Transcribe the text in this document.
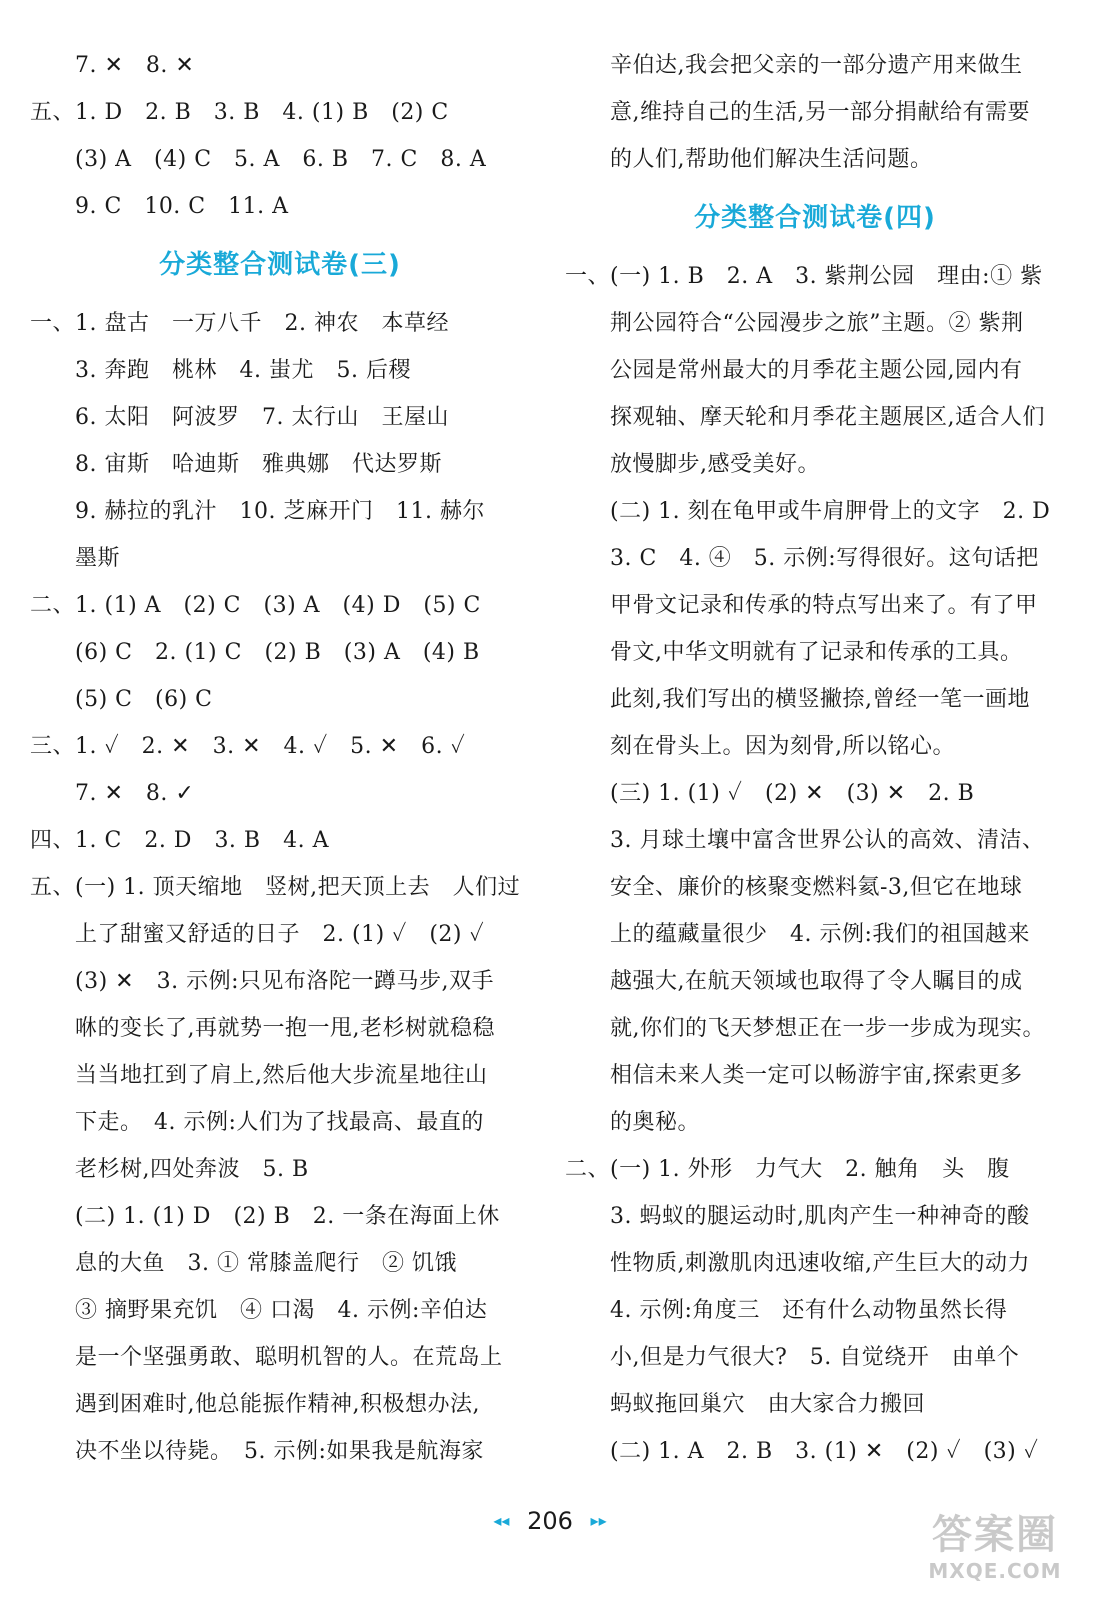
7. ✕　8. ✕
五、1. D　2. B　3. B　4. (1) B　(2) C
(3) A　(4) C　5. A　6. B　7. C　8. A
9. C　10. C　11. A
分类整合测试卷(三)
一、1. 盘古　一万八千　2. 神农　本草经
3. 奔跑　桃林　4. 蚩尤　5. 后稷
6. 太阳　阿波罗　7. 太行山　王屋山
8. 宙斯　哈迪斯　雅典娜　代达罗斯
9. 赫拉的乳汁　10. 芝麻开门　11. 赫尔
墨斯
二、1. (1) A　(2) C　(3) A　(4) D　(5) C
(6) C　2. (1) C　(2) B　(3) A　(4) B
(5) C　(6) C
三、1. ✓　2. ✕　3. ✕　4. ✓　5. ✕　6. ✓
7. ✕　8. ✓
四、1. C　2. D　3. B　4. A
五、(一) 1. 顶天缩地　竖树,把天顶上去　人们过
上了甜蜜又舒适的日子　2. (1) ✓　(2) ✓
(3) ✕　3. 示例:只见布洛陀一蹲马步,双手
咻的变长了,再就势一抱一甩,老杉树就稳稳
当当地扛到了肩上,然后他大步流星地往山
下走。　4. 示例:人们为了找最高、最直的
老杉树,四处奔波　5. B
(二) 1. (1) D　(2) B　2. 一条在海面上休
息的大鱼　3. ① 常膝盖爬行　② 饥饿
③ 摘野果充饥　④ 口渴　4. 示例:辛伯达
是一个坚强勇敢、聪明机智的人。在荒岛上
遇到困难时,他总能振作精神,积极想办法,
决不坐以待毙。　5. 示例:如果我是航海家
辛伯达,我会把父亲的一部分遗产用来做生
意,维持自己的生活,另一部分捐献给有需要
的人们,帮助他们解决生活问题。
分类整合测试卷(四)
一、(一) 1. B　2. A　3. 紫荆公园　理由:① 紫
荆公园符合“公园漫步之旅”主题。② 紫荆
公园是常州最大的月季花主题公园,园内有
探观轴、摩天轮和月季花主题展区,适合人们
放慢脚步,感受美好。
(二) 1. 刻在龟甲或牛肩胛骨上的文字　2. D
3. C　4. ④　5. 示例:写得很好。这句话把
甲骨文记录和传承的特点写出来了。有了甲
骨文,中华文明就有了记录和传承的工具。
此刻,我们写出的横竖撇捺,曾经一笔一画地
刻在骨头上。因为刻骨,所以铭心。
(三) 1. (1) ✓　(2) ✕　(3) ✕　2. B
3. 月球土壤中富含世界公认的高效、清洁、
安全、廉价的核聚变燃料氦-3,但它在地球
上的蕴藏量很少　4. 示例:我们的祖国越来
越强大,在航天领域也取得了令人瞩目的成
就,你们的飞天梦想正在一步一步成为现实。
相信未来人类一定可以畅游宇宙,探索更多
的奥秘。
二、(一) 1. 外形　力气大　2. 触角　头　腹
3. 蚂蚁的腿运动时,肌肉产生一种神奇的酸
性物质,刺激肌肉迅速收缩,产生巨大的动力
4. 示例:角度三　还有什么动物虽然长得
小,但是力气很大?　5. 自觉绕开　由单个
蚂蚁拖回巢穴　由大家合力搬回
(二) 1. A　2. B　3. (1) ✕　(2) ✓　(3) ✓
◂◂ 206 ▸▸	答案圈
MXQE.COM
